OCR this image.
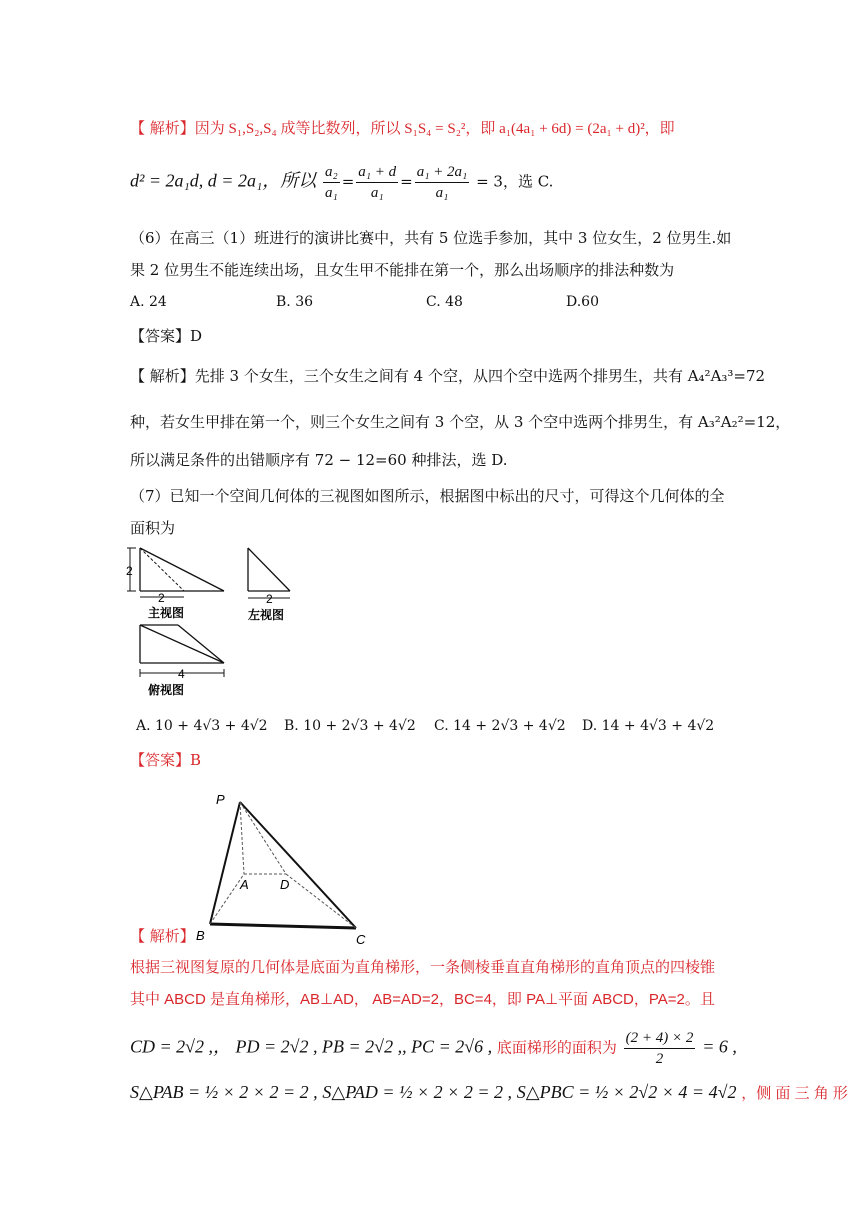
【 解析】因为 S₁,S₂,S₄ 成等比数列，所以 S₁S₄ = S₂²，即 a₁(4a₁ + 6d) = (2a₁ + d)²，即
d² = 2a₁d, d = 2a₁，所以 $\frac{\text{a₂}}{\text{a₁}} = \frac{\text{a₁ + d}}{\text{a₁}} = \frac{\text{a₁ + 2a₁}}{\text{a₁}} = 3$，选 C.
（6）在高三（1）班进行的演讲比赛中，共有 5 位选手参加，其中 3 位女生，2 位男生.如
果 2 位男生不能连续出场，且女生甲不能排在第一个，那么出场顺序的排法种数为
A. 24	B. 36	C. 48	D.60
【答案】D
【 解析】先排 3 个女生，三个女生之间有 4 个空，从四个空中选两个排男生，共有 A₄²A₃³=72
种，若女生甲排在第一个，则三个女生之间有 3 个空，从 3 个空中选两个排男生，有 A₃²A₂²=12，
所以满足条件的出错顺序有 72 − 12=60 种排法，选 D.
（7）已知一个空间几何体的三视图如图所示，根据图中标出的尺寸，可得这个几何体的全
面积为
2
2
主视图
4
俯视图
2
左视图
A. 10 + 4√3 + 4√2 B. 10 + 2√3 + 4√2 C. 14 + 2√3 + 4√2 D. 14 + 4√3 + 4√2
【答案】B
P
A D
B	C
【 解析】
根据三视图复原的几何体是底面为直角梯形，一条侧棱垂直直角梯形的直角顶点的四棱锥
其中 ABCD 是直角梯形，AB⊥AD， AB=AD=2，BC=4，即 PA⊥平面 ABCD，PA=2。且
CD = 2√2 ,， PD = 2√2 , PB = 2√2 ,, PC = 2√6 , 底面梯形的面积为 $\frac{(2 + 4) \times 2}{2} = 6$ ,
S△PAB = ½ × 2 × 2 = 2 , S△PAD = ½ × 2 × 2 = 2 , S△PBC = ½ × 2√2 × 4 = 4√2 ，侧 面 三 角 形
